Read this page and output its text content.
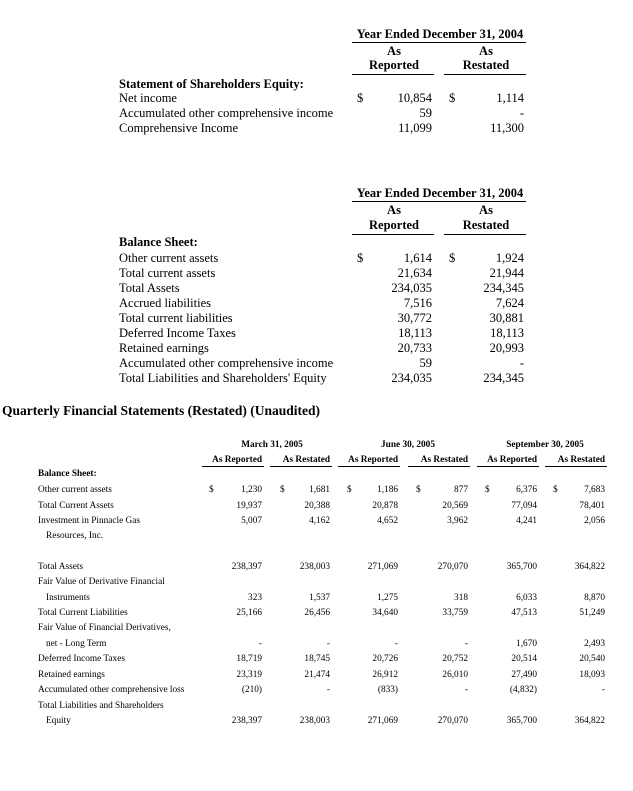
Year Ended December 31, 2004
As
Reported
As
Restated
Statement of Shareholders Equity:
Net income	$	10,854 $	1,114
Accumulated other comprehensive income	59	-
Comprehensive Income	11,099	11,300
Year Ended December 31, 2004
As
Reported
As
Restated
Balance Sheet:
Other current assets	$	1,614 $	1,924
Total current assets	21,634	21,944
Total Assets	234,035	234,345
Accrued liabilities	7,516	7,624
Total current liabilities	30,772	30,881
Deferred Income Taxes	18,113	18,113
Retained earnings	20,733	20,993
Accumulated other comprehensive income	59	-
Total Liabilities and Shareholders' Equity	234,035	234,345
Quarterly Financial Statements (Restated) (Unaudited)
March 31, 2005	June 30, 2005	September 30, 2005
As Reported	As Restated	As Reported	As Restated	As Reported	As Restated
Balance Sheet:
Other current assets	$	1,230 $	1,681 $	1,186 $	877 $	6,376 $	7,683
Total Current Assets	19,937	20,388	20,878	20,569	77,094	78,401
Investment in Pinnacle Gas	5,007	4,162	4,652	3,962	4,241	2,056
Resources, Inc.
Total Assets	238,397	238,003	271,069	270,070	365,700	364,822
Fair Value of Derivative Financial
Instruments	323	1,537	1,275	318	6,033	8,870
Total Current Liabilities	25,166	26,456	34,640	33,759	47,513	51,249
Fair Value of Financial Derivatives,
net - Long Term	-	-	-	-	1,670	2,493
Deferred Income Taxes	18,719	18,745	20,726	20,752	20,514	20,540
Retained earnings	23,319	21,474	26,912	26,010	27,490	18,093
Accumulated other comprehensive loss	(210)	-	(833)	-	(4,832)	-
Total Liabilities and Shareholders
Equity	238,397	238,003	271,069	270,070	365,700	364,822
